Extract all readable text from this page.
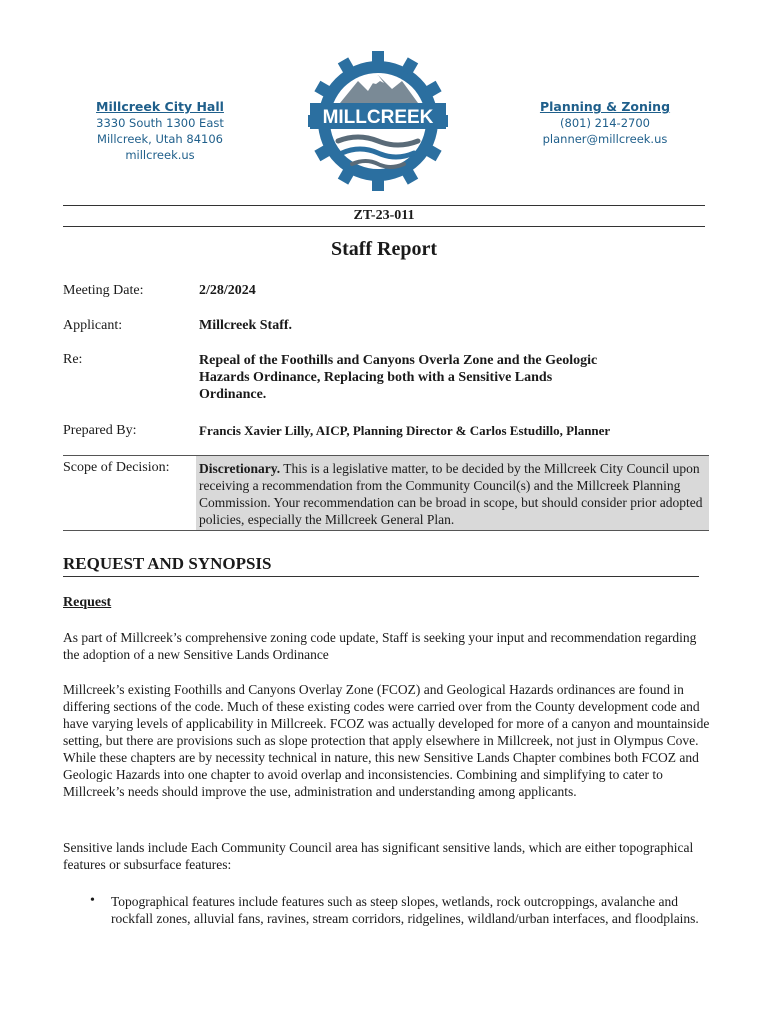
Millcreek City Hall
3330 South 1300 East
Millcreek, Utah 84106
millcreek.us
MILLCREEK
Planning & Zoning
(801) 214-2700
planner@millcreek.us
ZT-23-011
Staff Report
Meeting Date:	2/28/2024
Applicant:	Millcreek Staff.
Re:	Repeal of the Foothills and Canyons Overla Zone and the Geologic Hazards Ordinance, Replacing both with a Sensitive Lands Ordinance.
Prepared By:	Francis Xavier Lilly, AICP, Planning Director & Carlos Estudillo, Planner
Scope of Decision: Discretionary. This is a legislative matter, to be decided by the Millcreek City Council upon receiving a recommendation from the Community Council(s) and the Millcreek Planning Commission. Your recommendation can be broad in scope, but should consider prior adopted policies, especially the Millcreek General Plan.
REQUEST AND SYNOPSIS
Request

As part of Millcreek’s comprehensive zoning code update, Staff is seeking your input and recommendation regarding the adoption of a new Sensitive Lands Ordinance

Millcreek’s existing Foothills and Canyons Overlay Zone (FCOZ) and Geological Hazards ordinances are found in differing sections of the code. Much of these existing codes were carried over from the County development code and have varying levels of applicability in Millcreek. FCOZ was actually developed for more of a canyon and mountainside setting, but there are provisions such as slope protection that apply elsewhere in Millcreek, not just in Olympus Cove. While these chapters are by necessity technical in nature, this new Sensitive Lands Chapter combines both FCOZ and Geologic Hazards into one chapter to avoid overlap and inconsistencies. Combining and simplifying to cater to Millcreek’s needs should improve the use, administration and understanding among applicants.

Sensitive lands include Each Community Council area has significant sensitive lands, which are either topographical features or subsurface features:

• Topographical features include features such as steep slopes, wetlands, rock outcroppings, avalanche and rockfall zones, alluvial fans, ravines, stream corridors, ridgelines, wildland/urban interfaces, and floodplains.
